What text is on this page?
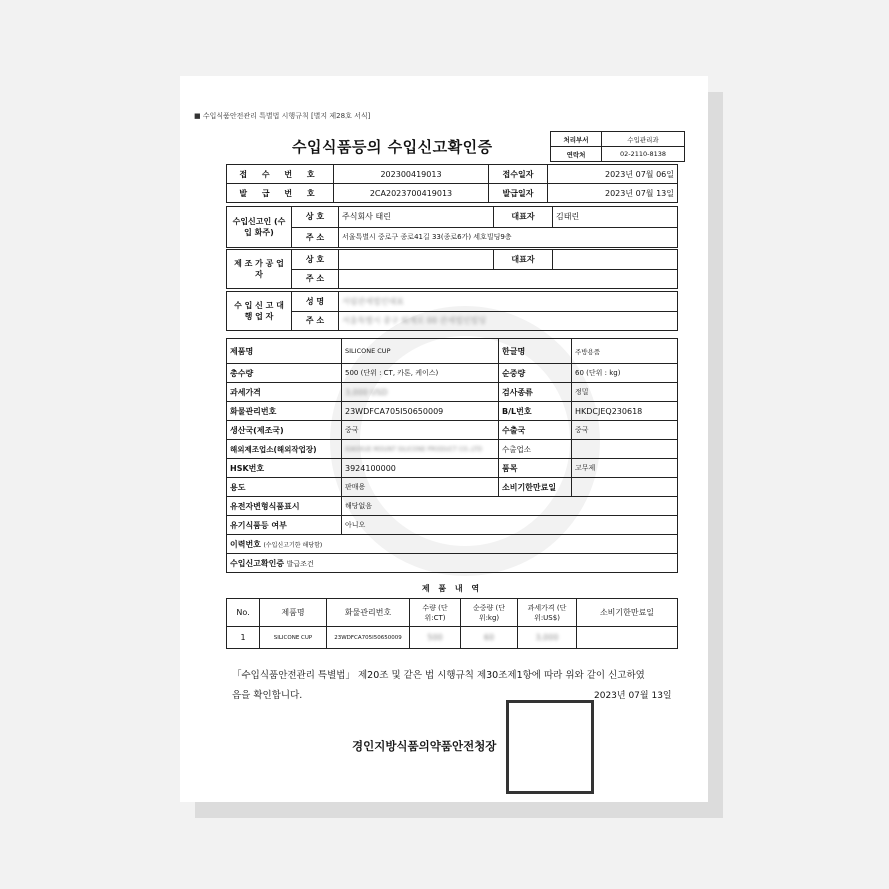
■ 수입식품안전관리 특별법 시행규칙 [별지 제28호 서식]
수입식품등의 수입신고확인증	처리부서	수입관리과
연락처	02-2110-8138
접 수 번 호	202300419013	접수일자	2023년 07월 06일
발 급 번 호	2CA2023700419013	발급일자	2023년 07월 13일
수입신고인 (수입 화주)	상 호	주식회사 태린	대표자	김태린
	주 소	서울특별시 중로구 종로41길 33(종로6가) 세호빌딩9층		
제 조 가 공 업 자	상 호		대표자	
	주 소			
수 입 신 고 대 행 업 자	성 명	서림관세법인대표
	주 소	서울특별시 중구 퇴계로 00 관세법인빌딩
제품명	SILICONE CUP	한글명	주방용품
총수량	500 (단위 : CT, 카톤, 케이스)	순중량	60 (단위 : kg)
과세가격	3,000 USD	검사종류	정밀
화물관리번호	23WDFCA705I50650009	B/L번호	HKDCJEQ230618
생산국(제조국)	중국	수출국	중국
해외제조업소(해외작업장)	XIAOXUE MOUNT SILICONE PRODUCT CO.,LTD	수출업소	
HSK번호	3924100000	품목	고무제
용도	판매용	소비기한만료일	
유전자변형식품표시	해당없음		
유기식품등 여부	아니오		
이력번호 (수입신고기한 해당함)			
수입신고확인증 발급조건			
제 품 내 역
No.	제품명	화물관리번호	수량 (단위:CT)	순중량 (단위:kg)	과세가격 (단위:US$)	소비기한만료일
1	SILICONE CUP	23WDFCA705I50650009	500	60	3,000	
「수입식품안전관리 특별법」 제20조 및 같은 법 시행규칙 제30조제1항에 따라 위와 같이 신고하였음을 확인합니다.	2023년 07월 13일
경인지방식품의약품안전청장
